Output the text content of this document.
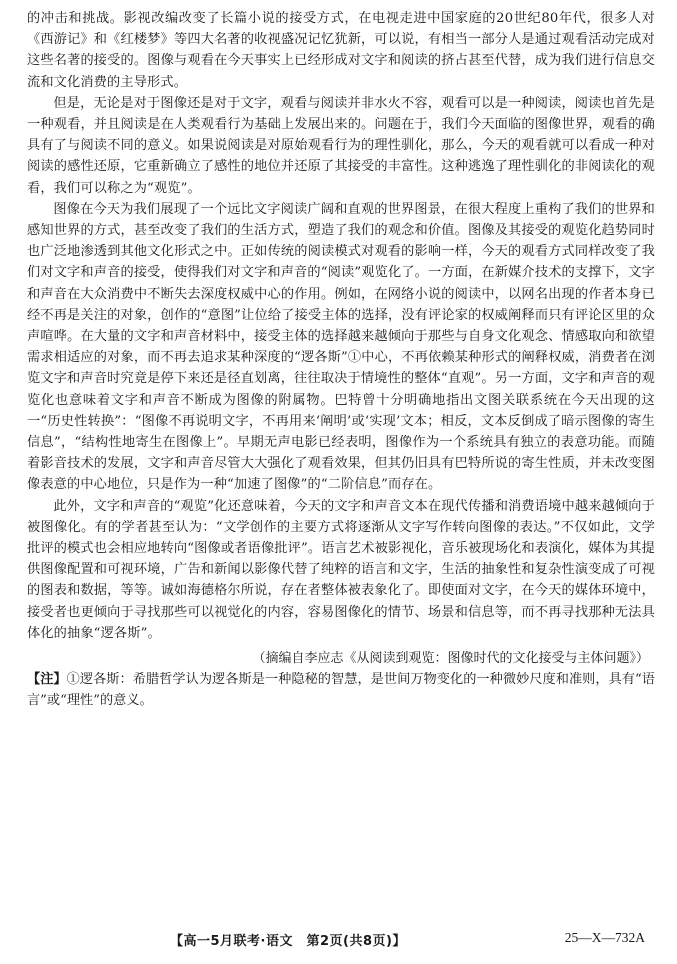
的冲击和挑战。影视改编改变了长篇小说的接受方式，在电视走进中国家庭的20世纪80年代，很多人对《西游记》和《红楼梦》等四大名著的收视盛况记忆犹新，可以说，有相当一部分人是通过观看活动完成对这些名著的接受的。图像与观看在今天事实上已经形成对文字和阅读的挤占甚至代替，成为我们进行信息交流和文化消费的主导形式。

但是，无论是对于图像还是对于文字，观看与阅读并非水火不容，观看可以是一种阅读，阅读也首先是一种观看，并且阅读是在人类观看行为基础上发展出来的。问题在于，我们今天面临的图像世界，观看的确具有了与阅读不同的意义。如果说阅读是对原始观看行为的理性驯化，那么，今天的观看就可以看成一种对阅读的感性还原，它重新确立了感性的地位并还原了其接受的丰富性。这种逃逸了理性驯化的非阅读化的观看，我们可以称之为“观览”。

图像在今天为我们展现了一个远比文字阅读广阔和直观的世界图景，在很大程度上重构了我们的世界和感知世界的方式，甚至改变了我们的生活方式，塑造了我们的观念和价值。图像及其接受的观览化趋势同时也广泛地渗透到其他文化形式之中。正如传统的阅读模式对观看的影响一样，今天的观看方式同样改变了我们对文字和声音的接受，使得我们对文字和声音的“阅读”观览化了。一方面，在新媒介技术的支撑下，文字和声音在大众消费中不断失去深度权威中心的作用。例如，在网络小说的阅读中，以网名出现的作者本身已经不再是关注的对象，创作的“意图”让位给了接受主体的选择，没有评论家的权威阐释而只有评论区里的众声喧哗。在大量的文字和声音材料中，接受主体的选择越来越倾向于那些与自身文化观念、情感取向和欲望需求相适应的对象，而不再去追求某种深度的“逻各斯”①中心，不再依赖某种形式的阐释权威，消费者在浏览文字和声音时究竟是停下来还是径直划离，往往取决于情境性的整体“直观”。另一方面，文字和声音的观览化也意味着文字和声音不断成为图像的附属物。巴特曾十分明确地指出文图关联系统在今天出现的这一“历史性转换”：“图像不再说明文字，不再用来‘阐明’或‘实现’文本；相反，文本反倒成了暗示图像的寄生信息”，“结构性地寄生在图像上”。早期无声电影已经表明，图像作为一个系统具有独立的表意功能。而随着影音技术的发展，文字和声音尽管大大强化了观看效果，但其仍旧具有巴特所说的寄生性质，并未改变图像表意的中心地位，只是作为一种“加速了图像”的“二阶信息”而存在。

此外，文字和声音的“观览”化还意味着，今天的文字和声音文本在现代传播和消费语境中越来越倾向于被图像化。有的学者甚至认为：“文学创作的主要方式将逐渐从文字写作转向图像的表达。”不仅如此，文学批评的模式也会相应地转向“图像或者语像批评”。语言艺术被影视化，音乐被现场化和表演化，媒体为其提供图像配置和可视环境，广告和新闻以影像代替了纯粹的语言和文字，生活的抽象性和复杂性演变成了可视的图表和数据，等等。诚如海德格尔所说，存在者整体被表象化了。即使面对文字，在今天的媒体环境中，接受者也更倾向于寻找那些可以视觉化的内容，容易图像化的情节、场景和信息等，而不再寻找那种无法具体化的抽象“逻各斯”。

（摘编自李应志《从阅读到观览：图像时代的文化接受与主体问题》）

【注】①逻各斯：希腊哲学认为逻各斯是一种隐秘的智慧，是世间万物变化的一种微妙尺度和准则，具有“语言”或“理性”的意义。

【高一5月联考·语文　第2页(共8页)】	25—X—732A
